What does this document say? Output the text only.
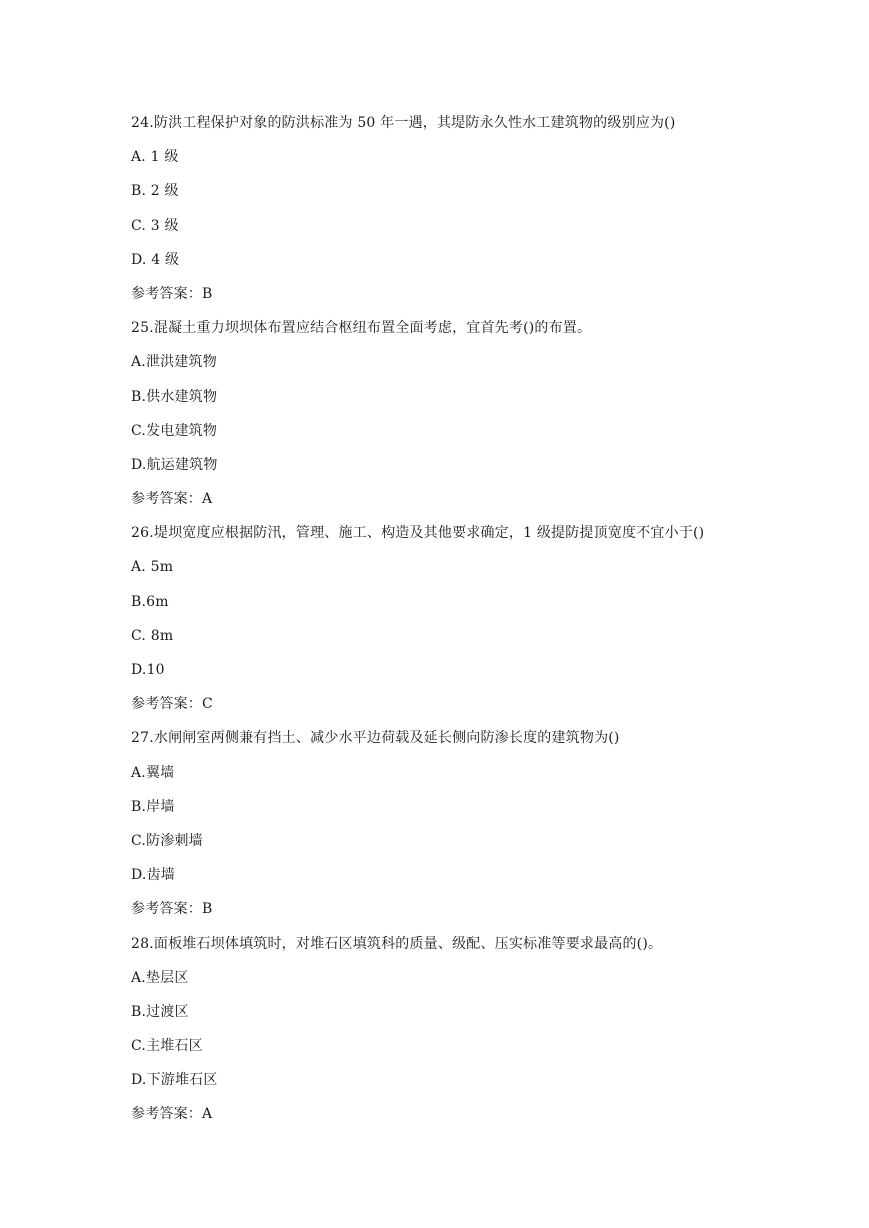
24.防洪工程保护对象的防洪标准为 50 年一遇，其堤防永久性水工建筑物的级别应为()
A. 1 级
B. 2 级
C. 3 级
D. 4 级
参考答案：B
25.混凝土重力坝坝体布置应结合枢纽布置全面考虑，宜首先考()的布置。
A.泄洪建筑物
B.供水建筑物
C.发电建筑物
D.航运建筑物
参考答案：A
26.堤坝宽度应根据防汛，管理、施工、构造及其他要求确定，1 级提防提顶宽度不宜小于()
A. 5m
B.6m
C. 8m
D.10
参考答案：C
27.水闸闸室两侧兼有挡土、减少水平边荷载及延长侧向防渗长度的建筑物为()
A.翼墙
B.岸墙
C.防渗刺墙
D.齿墙
参考答案：B
28.面板堆石坝体填筑时，对堆石区填筑科的质量、级配、压实标准等要求最高的()。
A.垫层区
B.过渡区
C.主堆石区
D.下游堆石区
参考答案：A
